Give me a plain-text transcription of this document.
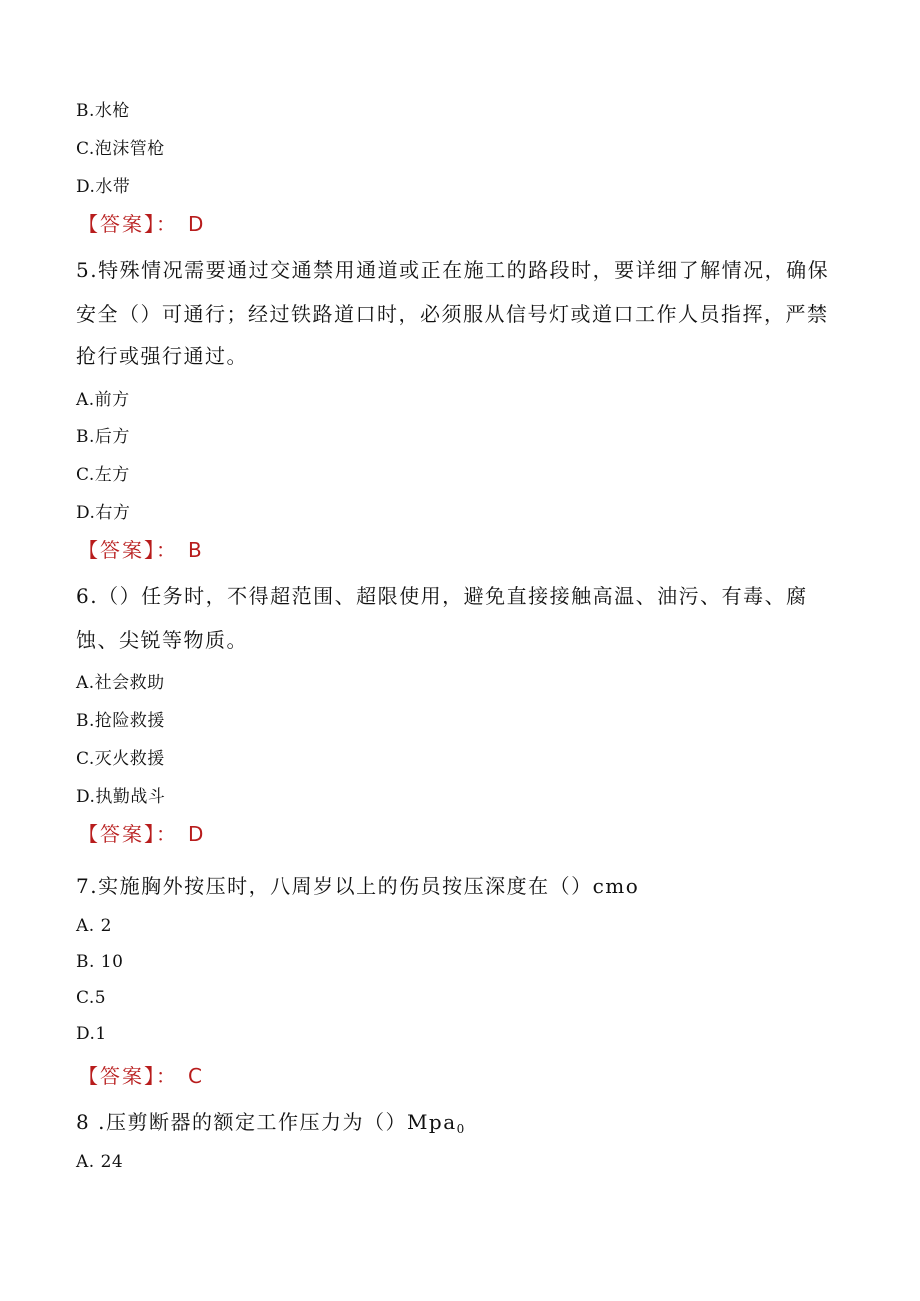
B.水枪
C.泡沫管枪
D.水带
【答案】： D
5.特殊情况需要通过交通禁用通道或正在施工的路段时，要详细了解情况，确保
安全（）可通行；经过铁路道口时，必须服从信号灯或道口工作人员指挥，严禁
抢行或强行通过。
A.前方
B.后方
C.左方
D.右方
【答案】： B
6.（）任务时，不得超范围、超限使用，避免直接接触高温、油污、有毒、腐
蚀、尖锐等物质。
A.社会救助
B.抢险救援
C.灭火救援
D.执勤战斗
【答案】： D
7.实施胸外按压时，八周岁以上的伤员按压深度在（）cmo
A. 2
B. 10
C.5
D.1
【答案】： C
8 .压剪断器的额定工作压力为（）Mpa$_0$
A. 24
